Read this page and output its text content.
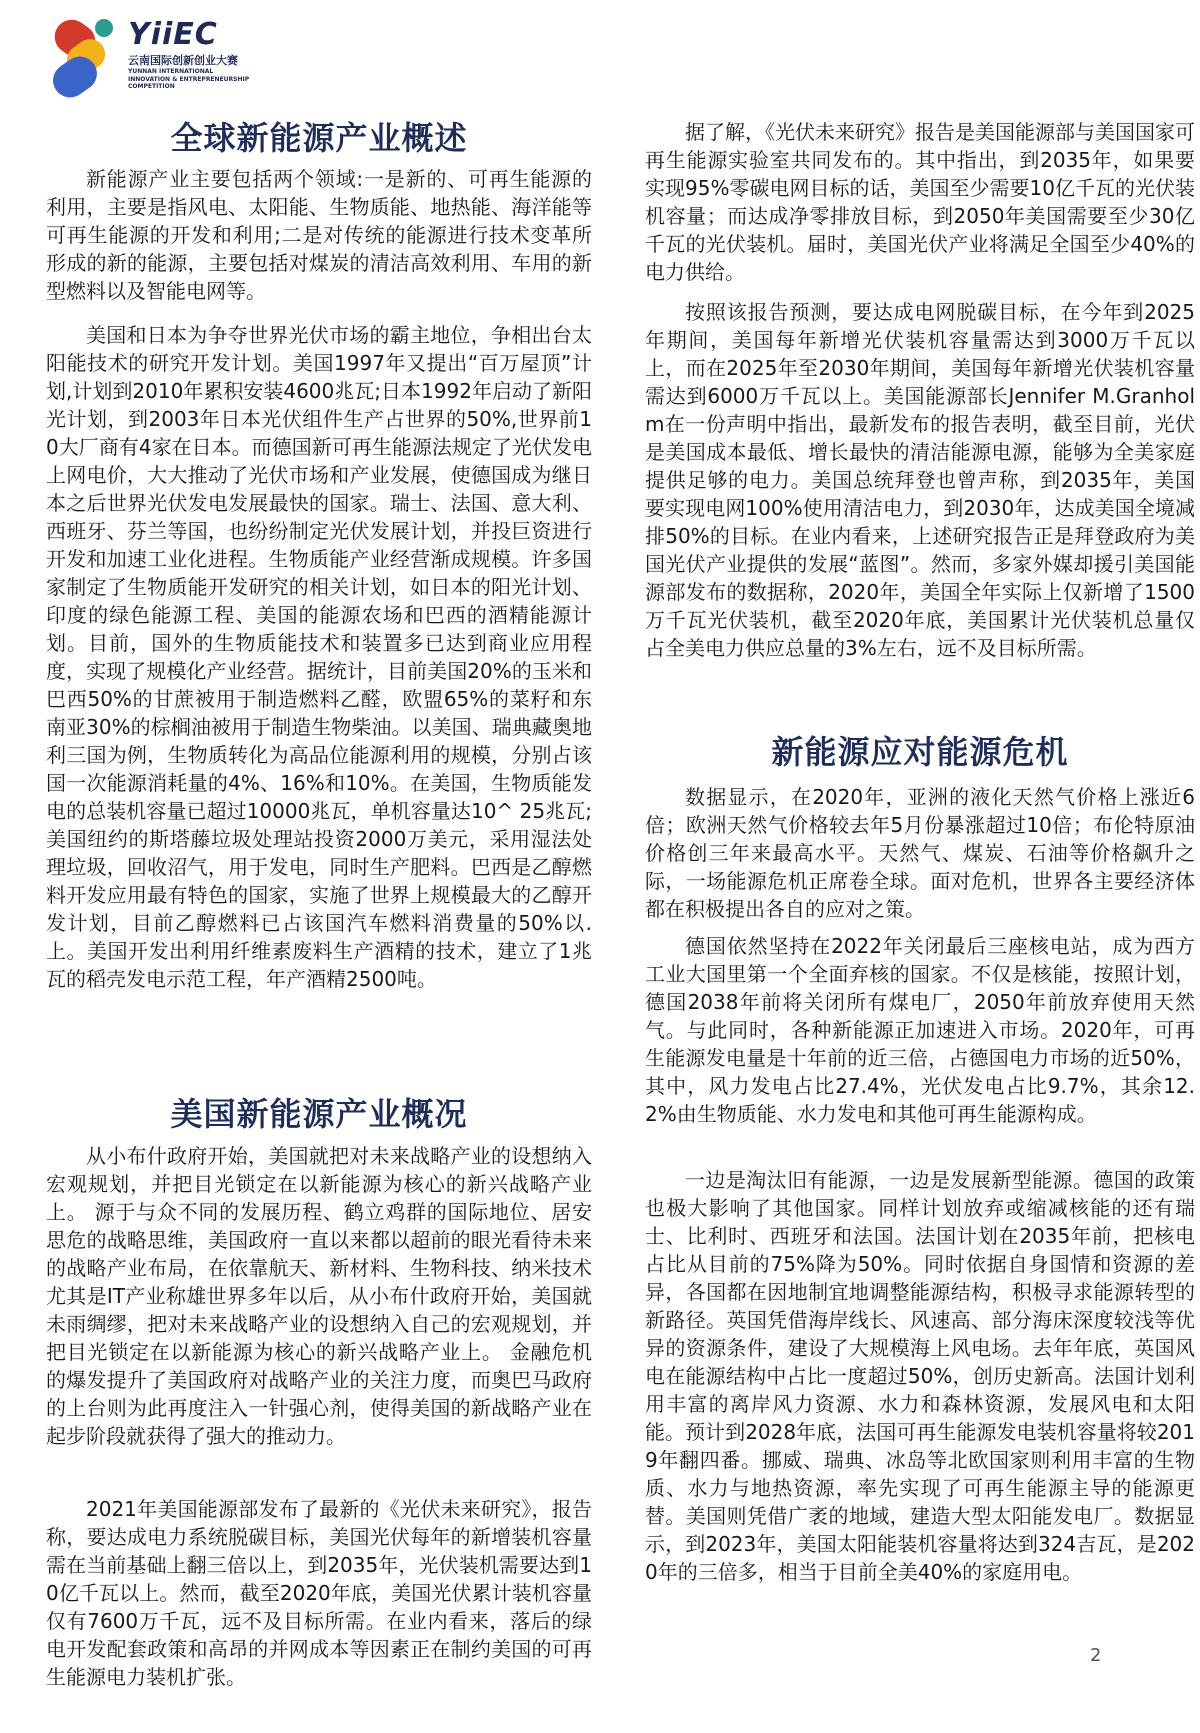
YiiEC
云南国际创新创业大赛
YUNNAN INTERNATIONAL
INNOVATION & ENTREPRENEURSHIP
COMPETITION
全球新能源产业概述

新能源产业主要包括两个领域:一是新的、可再生能源的利用，主要是指风电、太阳能、生物质能、地热能、海洋能等可再生能源的开发和利用;二是对传统的能源进行技术变革所形成的新的能源，主要包括对煤炭的清洁高效利用、车用的新型燃料以及智能电网等。

美国和日本为争夺世界光伏市场的霸主地位，争相出台太阳能技术的研究开发计划。美国1997年又提出“百万屋顶”计划,计划到2010年累积安装4600兆瓦;日本1992年启动了新阳光计划，到2003年日本光伏组件生产占世界的50%,世界前10大厂商有4家在日本。而德国新可再生能源法规定了光伏发电上网电价，大大推动了光伏市场和产业发展，使德国成为继日本之后世界光伏发电发展最快的国家。瑞士、法国、意大利、西班牙、芬兰等国，也纷纷制定光伏发展计划，并投巨资进行开发和加速工业化进程。生物质能产业经营渐成规模。许多国家制定了生物质能开发研究的相关计划，如日本的阳光计划、印度的绿色能源工程、美国的能源农场和巴西的酒精能源计划。目前，国外的生物质能技术和装置多已达到商业应用程度，实现了规模化产业经营。据统计，目前美国20%的玉米和巴西50%的甘蔗被用于制造燃料乙醛，欧盟65%的菜籽和东南亚30%的棕榈油被用于制造生物柴油。以美国、瑞典藏奥地利三国为例，生物质转化为高品位能源利用的规模，分别占该国一次能源消耗量的4%、16%和10%。在美国，生物质能发电的总装机容量已超过10000兆瓦，单机容量达10^ 25兆瓦;美国纽约的斯塔藤垃圾处理站投资2000万美元，采用湿法处理垃圾，回收沼气，用于发电，同时生产肥料。巴西是乙醇燃料开发应用最有特色的国家，实施了世界上规模最大的乙醇开发计划，目前乙醇燃料已占该国汽车燃料消费量的50%以.上。美国开发出利用纤维素废料生产酒精的技术，建立了1兆瓦的稻壳发电示范工程，年产酒精2500吨。

美国新能源产业概况

从小布什政府开始，美国就把对未来战略产业的设想纳入宏观规划，并把目光锁定在以新能源为核心的新兴战略产业上。 源于与众不同的发展历程、鹤立鸡群的国际地位、居安思危的战略思维，美国政府一直以来都以超前的眼光看待未来的战略产业布局，在依靠航天、新材料、生物科技、纳米技术尤其是IT产业称雄世界多年以后，从小布什政府开始，美国就未雨绸缪，把对未来战略产业的设想纳入自己的宏观规划，并把目光锁定在以新能源为核心的新兴战略产业上。 金融危机的爆发提升了美国政府对战略产业的关注力度，而奥巴马政府的上台则为此再度注入一针强心剂，使得美国的新战略产业在起步阶段就获得了强大的推动力。

2021年美国能源部发布了最新的《光伏未来研究》，报告称，要达成电力系统脱碳目标，美国光伏每年的新增装机容量需在当前基础上翻三倍以上，到2035年，光伏装机需要达到10亿千瓦以上。然而，截至2020年底，美国光伏累计装机容量仅有7600万千瓦，远不及目标所需。在业内看来，落后的绿电开发配套政策和高昂的并网成本等因素正在制约美国的可再生能源电力装机扩张。

据了解，《光伏未来研究》报告是美国能源部与美国国家可再生能源实验室共同发布的。其中指出，到2035年，如果要实现95%零碳电网目标的话，美国至少需要10亿千瓦的光伏装机容量；而达成净零排放目标，到2050年美国需要至少30亿千瓦的光伏装机。届时，美国光伏产业将满足全国至少40%的电力供给。

按照该报告预测，要达成电网脱碳目标，在今年到2025年期间，美国每年新增光伏装机容量需达到3000万千瓦以上，而在2025年至2030年期间，美国每年新增光伏装机容量需达到6000万千瓦以上。美国能源部长Jennifer M.Granholm在一份声明中指出，最新发布的报告表明，截至目前，光伏是美国成本最低、增长最快的清洁能源电源，能够为全美家庭提供足够的电力。美国总统拜登也曾声称，到2035年，美国要实现电网100%使用清洁电力，到2030年，达成美国全境减排50%的目标。在业内看来，上述研究报告正是拜登政府为美国光伏产业提供的发展“蓝图”。然而，多家外媒却援引美国能源部发布的数据称，2020年，美国全年实际上仅新增了1500万千瓦光伏装机，截至2020年底，美国累计光伏装机总量仅占全美电力供应总量的3%左右，远不及目标所需。

新能源应对能源危机

数据显示，在2020年，亚洲的液化天然气价格上涨近6倍；欧洲天然气价格较去年5月份暴涨超过10倍；布伦特原油价格创三年来最高水平。天然气、煤炭、石油等价格飙升之际，一场能源危机正席卷全球。面对危机，世界各主要经济体都在积极提出各自的应对之策。

德国依然坚持在2022年关闭最后三座核电站，成为西方工业大国里第一个全面弃核的国家。不仅是核能，按照计划，德国2038年前将关闭所有煤电厂，2050年前放弃使用天然气。与此同时，各种新能源正加速进入市场。2020年，可再生能源发电量是十年前的近三倍，占德国电力市场的近50%，其中，风力发电占比27.4%，光伏发电占比9.7%，其余12.2%由生物质能、水力发电和其他可再生能源构成。

一边是淘汰旧有能源，一边是发展新型能源。德国的政策也极大影响了其他国家。同样计划放弃或缩减核能的还有瑞士、比利时、西班牙和法国。法国计划在2035年前，把核电占比从目前的75%降为50%。同时依据自身国情和资源的差异，各国都在因地制宜地调整能源结构，积极寻求能源转型的新路径。英国凭借海岸线长、风速高、部分海床深度较浅等优异的资源条件，建设了大规模海上风电场。去年年底，英国风电在能源结构中占比一度超过50%，创历史新高。法国计划利用丰富的离岸风力资源、水力和森林资源，发展风电和太阳能。预计到2028年底，法国可再生能源发电装机容量将较2019年翻四番。挪威、瑞典、冰岛等北欧国家则利用丰富的生物质、水力与地热资源，率先实现了可再生能源主导的能源更替。美国则凭借广袤的地域，建造大型太阳能发电厂。数据显示，到2023年，美国太阳能装机容量将达到324吉瓦，是2020年的三倍多，相当于目前全美40%的家庭用电。

2
